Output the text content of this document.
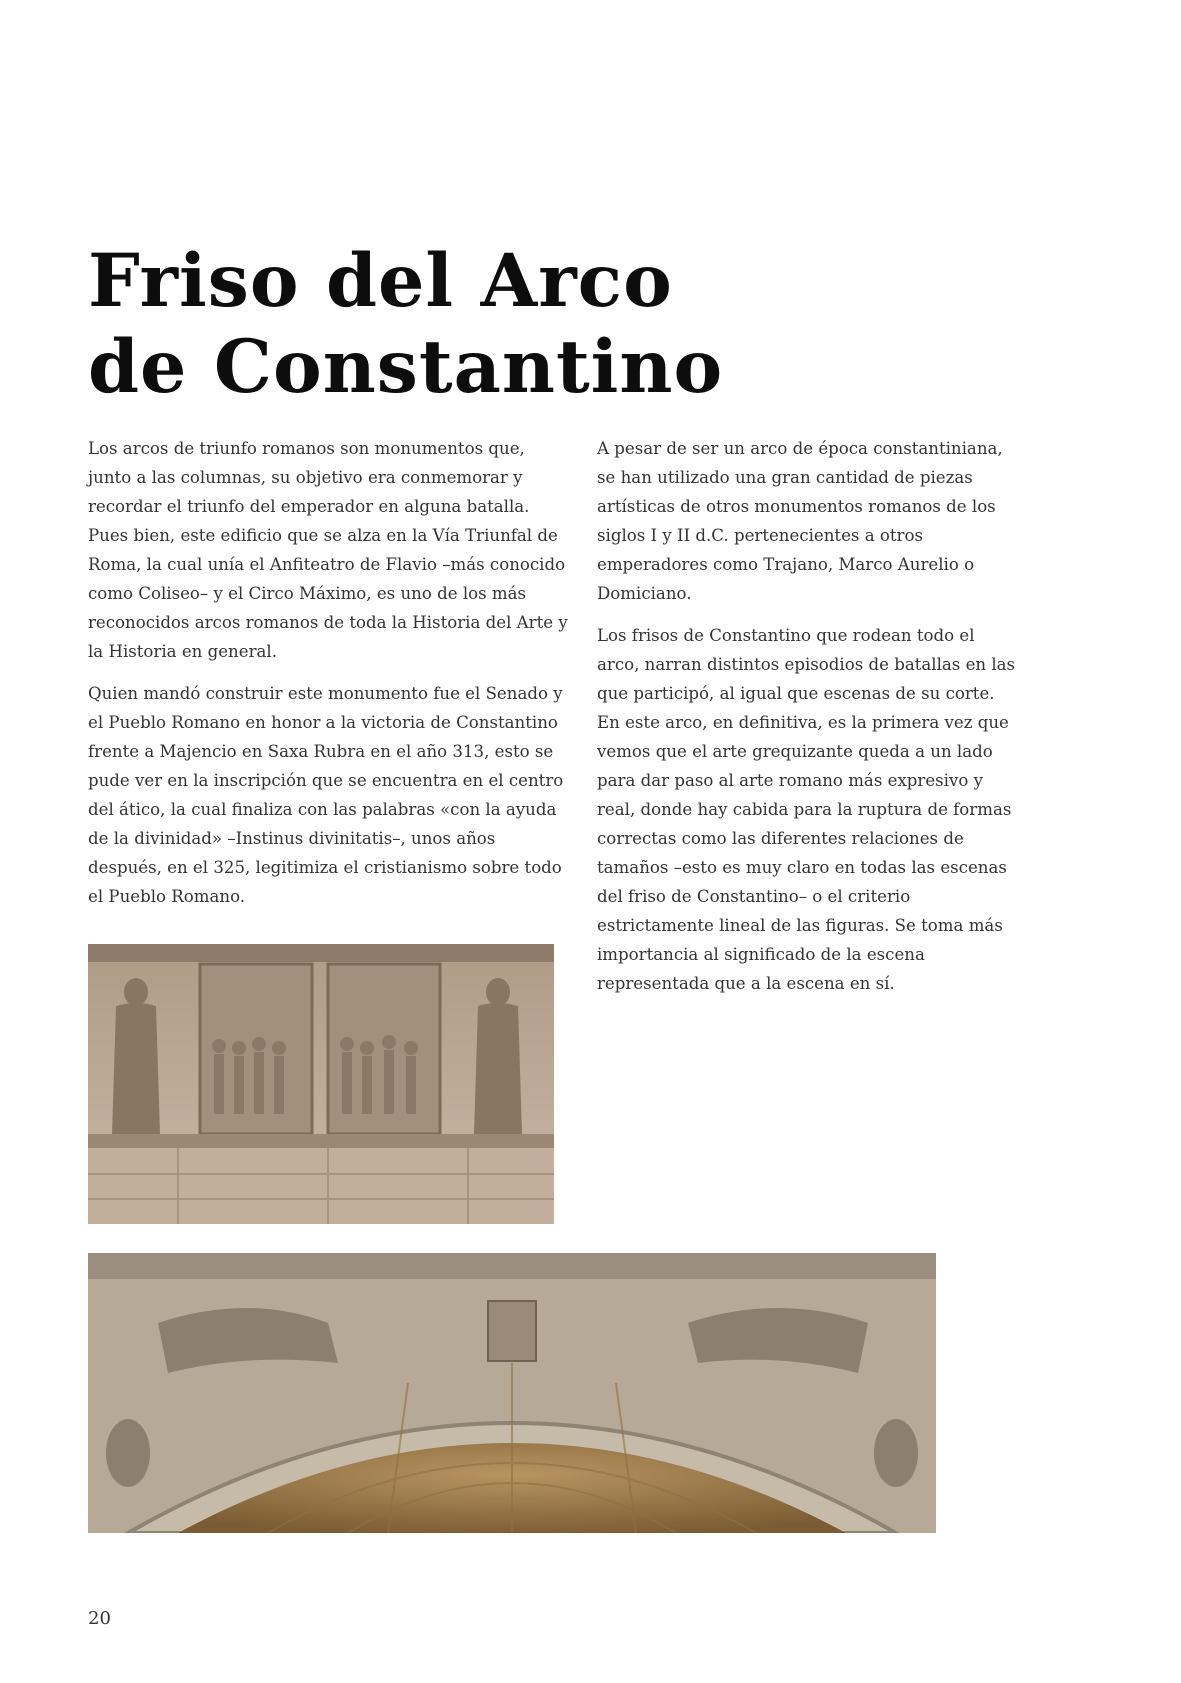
Friso del Arco
de Constantino

Los arcos de triunfo romanos son monumentos que, junto a las columnas, su objetivo era conmemorar y recordar el triunfo del emperador en alguna batalla. Pues bien, este edificio que se alza en la Vía Triunfal de Roma, la cual unía el Anfiteatro de Flavio –más conocido como Coliseo– y el Circo Máximo, es uno de los más reconocidos arcos romanos de toda la Historia del Arte y la Historia en general.

Quien mandó construir este monumento fue el Senado y el Pueblo Romano en honor a la victoria de Constantino frente a Majencio en Saxa Rubra en el año 313, esto se pude ver en la inscripción que se encuentra en el centro del ático, la cual finaliza con las palabras «con la ayuda de la divinidad» –Instinus divinitatis–, unos años después, en el 325, legitimiza el cristianismo sobre todo el Pueblo Romano.

A pesar de ser un arco de época constantiniana, se han utilizado una gran cantidad de piezas artísticas de otros monumentos romanos de los siglos I y II d.C. pertenecientes a otros emperadores como Trajano, Marco Aurelio o Domiciano.

Los frisos de Constantino que rodean todo el arco, narran distintos episodios de batallas en las que participó, al igual que escenas de su corte. En este arco, en definitiva, es la primera vez que vemos que el arte grequizante queda a un lado para dar paso al arte romano más expresivo y real, donde hay cabida para la ruptura de formas correctas como las diferentes relaciones de tamaños –esto es muy claro en todas las escenas del friso de Constantino– o el criterio estrictamente lineal de las figuras. Se toma más importancia al significado de la escena representada que a la escena en sí.

20
